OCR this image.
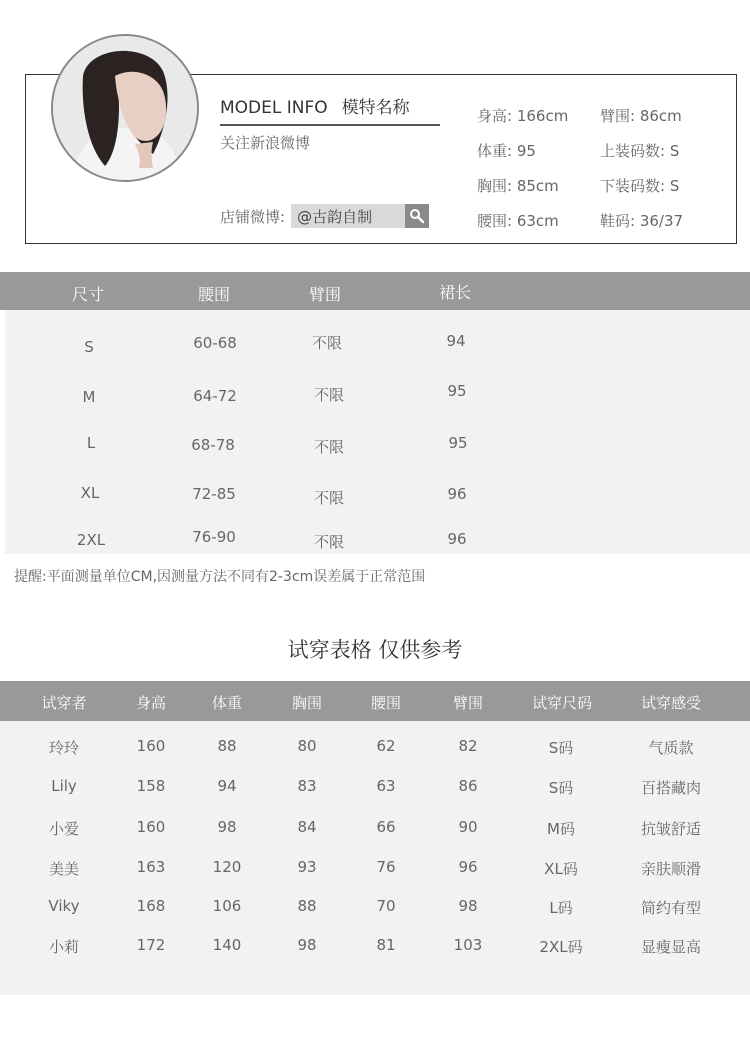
MODEL INFO 模特名称
关注新浪微博
店铺微博: @古韵自制
身高: 166cm 臂围: 86cm
体重: 95	上装码数: S
胸围: 85cm	下装码数: S
腰围: 63cm	鞋码: 36/37
尺寸	腰围	臂围	裙长
S	60-68	不限	94
M	64-72	不限	95
L	68-78	不限	95
XL	72-85	不限	96
2XL	76-90	不限	96
提醒:平面测量单位CM,因测量方法不同有2-3cm误差属于正常范围
试穿表格 仅供参考
试穿者	身高	体重	胸围	腰围	臂围	试穿尺码	试穿感受
玲玲	160	88	80	62	82	S码	气质款
Lily	158	94	83	63	86	S码	百搭藏肉
小爱	160	98	84	66	90	M码	抗皱舒适
美美	163	120	93	76	96	XL码	亲肤顺滑
Viky	168	106	88	70	98	L码	简约有型
小莉	172	140	98	81	103	2XL码	显瘦显高
